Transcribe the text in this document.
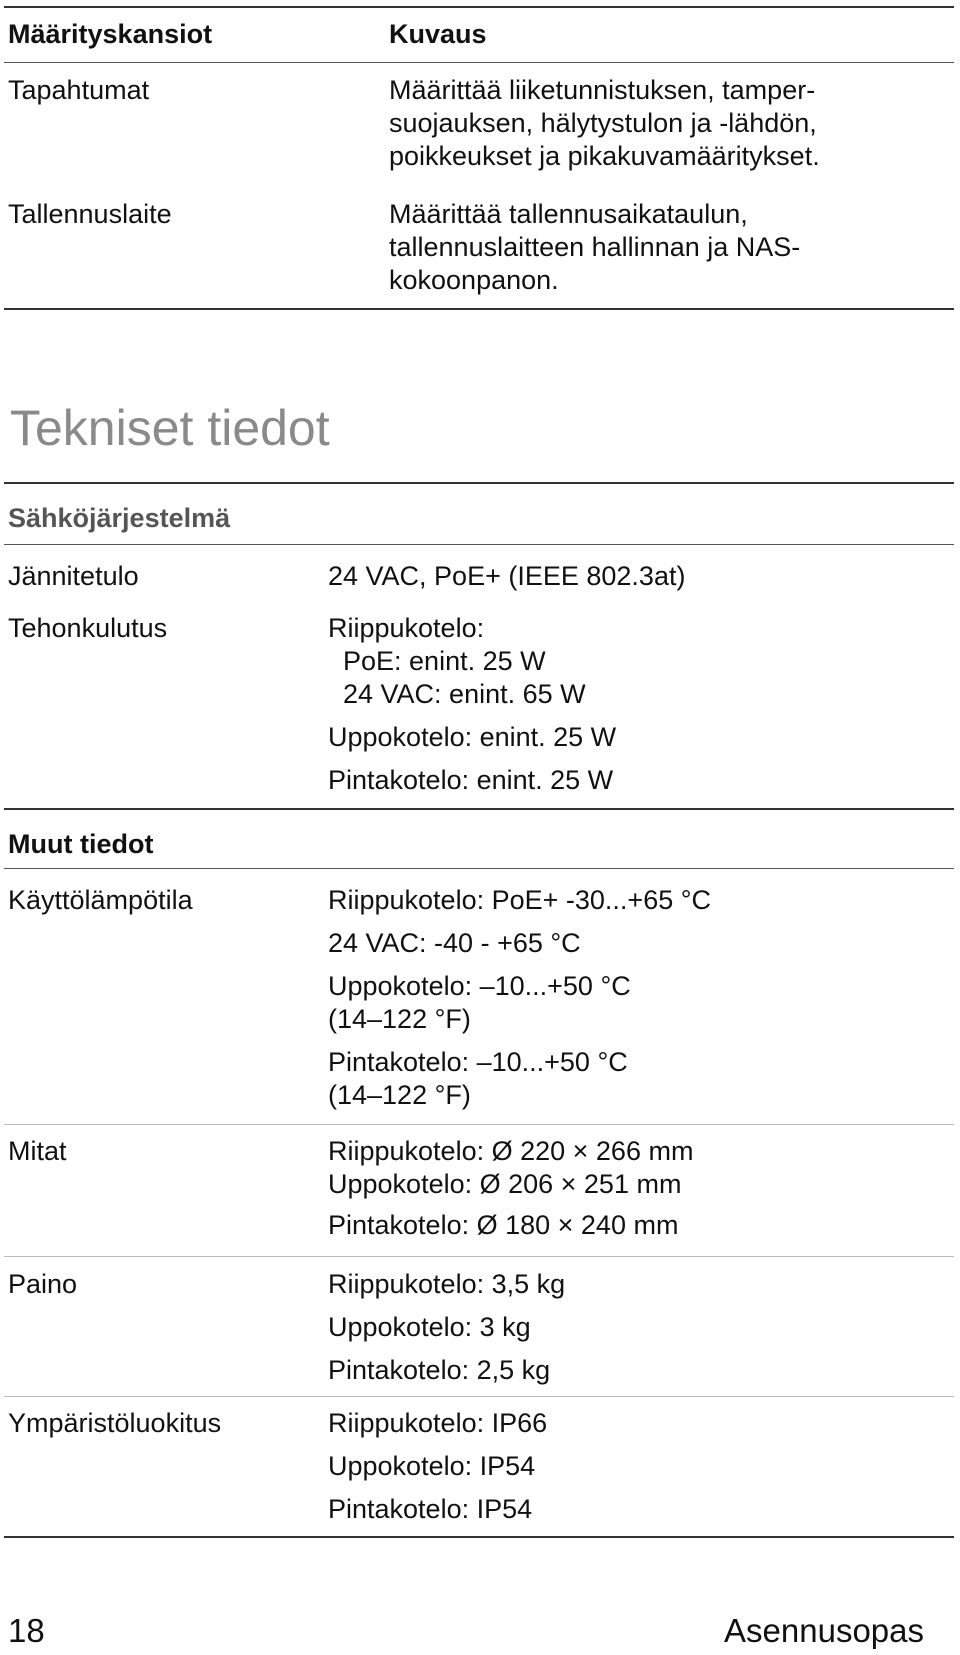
Määrityskansiot	Kuvaus
Tapahtumat	Määrittää liiketunnistuksen, tamper-
suojauksen, hälytystulon ja -lähdön,
poikkeukset ja pikakuvamääritykset.
Tallennuslaite	Määrittää tallennusaikataulun,
tallennuslaitteen hallinnan ja NAS-
kokoonpanon.
Tekniset tiedot
Sähköjärjestelmä
Jännitetulo	24 VAC, PoE+ (IEEE 802.3at)
Tehonkulutus	Riippukotelo:
PoE: enint. 25 W
24 VAC: enint. 65 W
Uppokotelo: enint. 25 W
Pintakotelo: enint. 25 W
Muut tiedot
Käyttölämpötila	Riippukotelo: PoE+ -30...+65 °C
24 VAC: -40 - +65 °C
Uppokotelo: –10...+50 °C
(14–122 °F)
Pintakotelo: –10...+50 °C
(14–122 °F)
Mitat	Riippukotelo: Ø 220 × 266 mm
Uppokotelo: Ø 206 × 251 mm
Pintakotelo: Ø 180 × 240 mm
Paino	Riippukotelo: 3,5 kg
Uppokotelo: 3 kg
Pintakotelo: 2,5 kg
Ympäristöluokitus	Riippukotelo: IP66
Uppokotelo: IP54
Pintakotelo: IP54
18	Asennusopas
